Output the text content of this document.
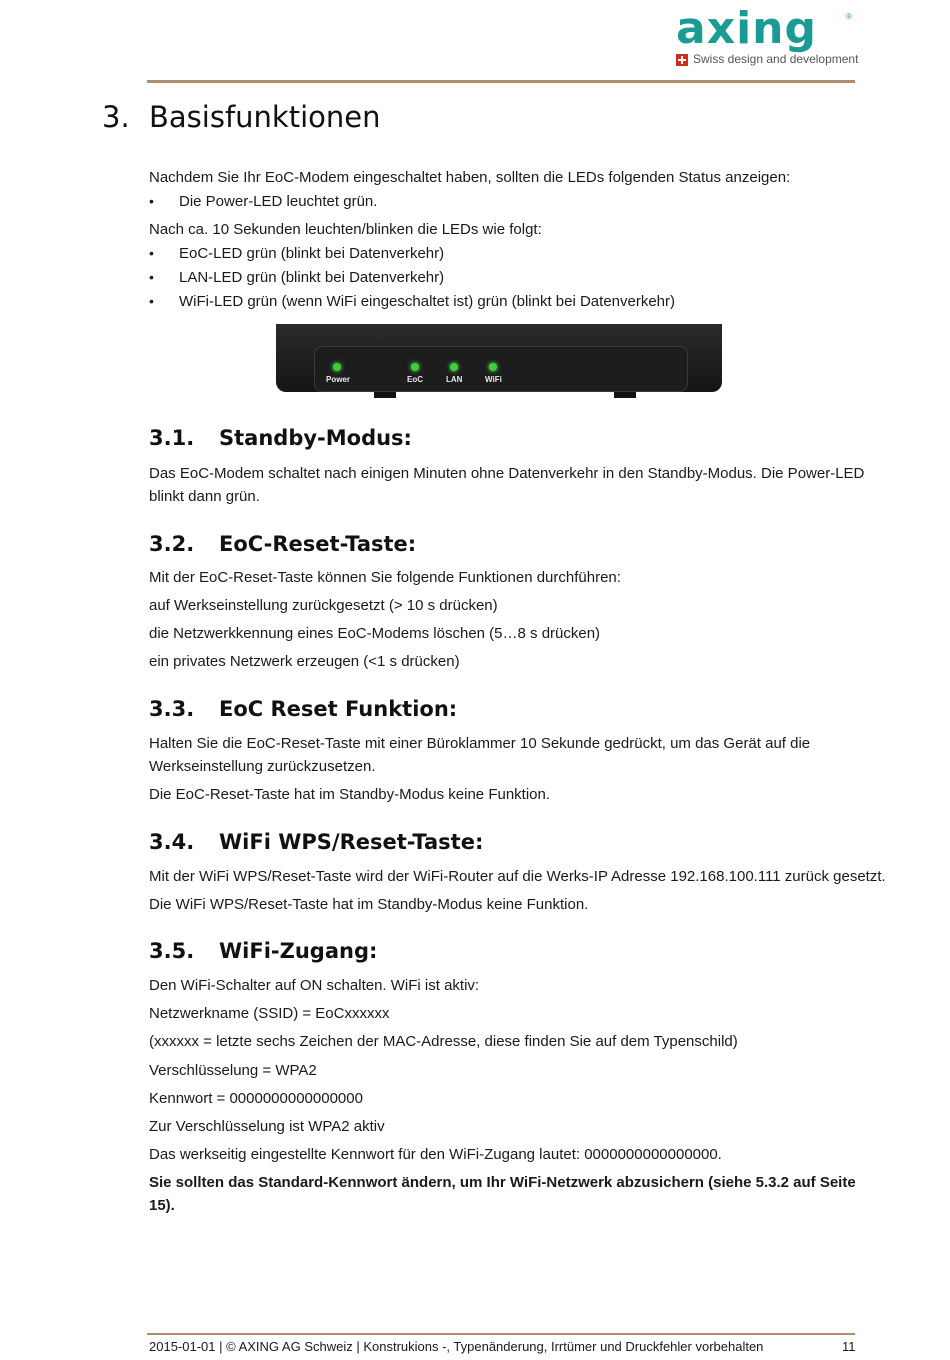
axing	®
Swiss design and development
3. Basisfunktionen
Nachdem Sie Ihr EoC-Modem eingeschaltet haben, sollten die LEDs folgenden Status anzeigen:
• Die Power-LED leuchtet grün.
Nach ca. 10 Sekunden leuchten/blinken die LEDs wie folgt:
• EoC-LED grün (blinkt bei Datenverkehr)
• LAN-LED grün (blinkt bei Datenverkehr)
• WiFi-LED grün (wenn WiFi eingeschaltet ist) grün (blinkt bei Datenverkehr)
Power	EoC	LAN	WiFi
3.1. Standby-Modus:
Das EoC-Modem schaltet nach einigen Minuten ohne Datenverkehr in den Standby-Modus. Die Power-LED
blinkt dann grün.
3.2. EoC-Reset-Taste:
Mit der EoC-Reset-Taste können Sie folgende Funktionen durchführen:
auf Werkseinstellung zurückgesetzt (> 10 s drücken)
die Netzwerkkennung eines EoC-Modems löschen (5…8 s drücken)
ein privates Netzwerk erzeugen (<1 s drücken)
3.3. EoC Reset Funktion:
Halten Sie die EoC-Reset-Taste mit einer Büroklammer 10 Sekunde gedrückt, um das Gerät auf die
Werkseinstellung zurückzusetzen.
Die EoC-Reset-Taste hat im Standby-Modus keine Funktion.
3.4. WiFi WPS/Reset-Taste:
Mit der WiFi WPS/Reset-Taste wird der WiFi-Router auf die Werks-IP Adresse 192.168.100.111 zurück gesetzt.
Die WiFi WPS/Reset-Taste hat im Standby-Modus keine Funktion.
3.5. WiFi-Zugang:
Den WiFi-Schalter auf ON schalten. WiFi ist aktiv:
Netzwerkname (SSID) = EoCxxxxxx
(xxxxxx = letzte sechs Zeichen der MAC-Adresse, diese finden Sie auf dem Typenschild)
Verschlüsselung = WPA2
Kennwort = 0000000000000000
Zur Verschlüsselung ist WPA2 aktiv
Das werkseitig eingestellte Kennwort für den WiFi-Zugang lautet: 0000000000000000.
Sie sollten das Standard-Kennwort ändern, um Ihr WiFi-Netzwerk abzusichern (siehe 5.3.2 auf Seite
15).
2015-01-01 | © AXING AG Schweiz | Konstrukions -, Typenänderung, Irrtümer und Druckfehler vorbehalten	11
